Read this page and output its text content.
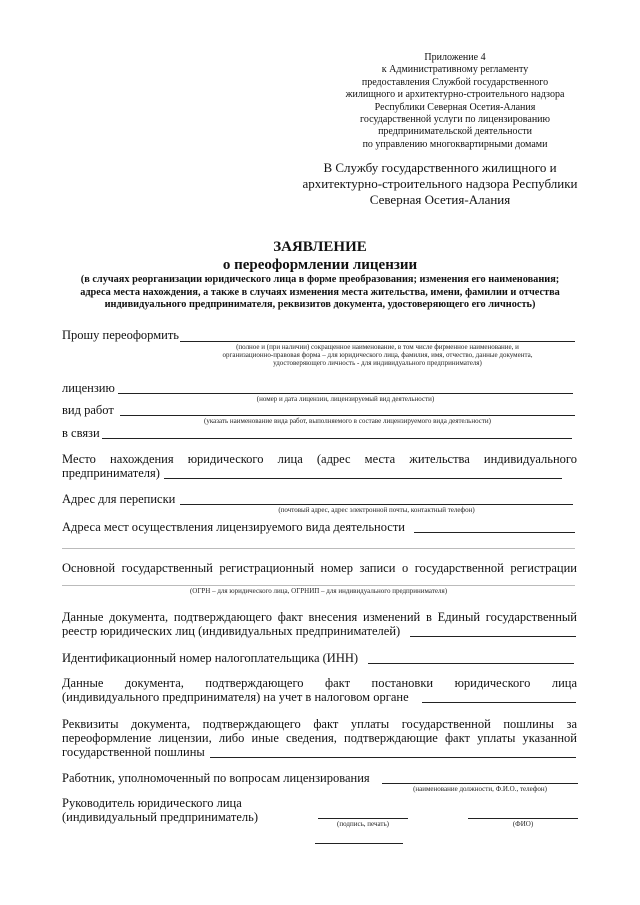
Приложение 4
к Административному регламенту
предоставления Службой государственного
жилищного и архитектурно-строительного надзора
Республики Северная Осетия-Алания
государственной услуги по лицензированию
предпринимательской деятельности
по управлению многоквартирными домами
В Службу государственного жилищного и
архитектурно-строительного надзора Республики
Северная Осетия-Алания
ЗАЯВЛЕНИЕ
о переоформлении лицензии
(в случаях реорганизации юридического лица в форме преобразования; изменения его наименования;
адреса места нахождения, а также в случаях изменения места жительства, имени, фамилии и отчества
индивидуального предпринимателя, реквизитов документа, удостоверяющего его личность)
Прошу переоформить
(полное и (при наличии) сокращенное наименование, в том числе фирменное наименование, и
организационно-правовая форма – для юридического лица, фамилия, имя, отчество, данные документа,
удостоверяющего личность - для индивидуального предпринимателя)
лицензию
(номер и дата лицензии, лицензируемый вид деятельности)
вид работ
(указать наименование вида работ, выполняемого в составе лицензируемого вида деятельности)
в связи
Место нахождения юридического лица (адрес места жительства индивидуального
предпринимателя)
Адрес для переписки
(почтовый адрес, адрес электронной почты, контактный телефон)
Адреса мест осуществления лицензируемого вида деятельности
Основной государственный регистрационный номер записи о государственной регистрации
(ОГРН – для юридического лица, ОГРНИП – для индивидуального предпринимателя)
Данные документа, подтверждающего факт внесения изменений в Единый государственный
реестр юридических лиц (индивидуальных предпринимателей)
Идентификационный номер налогоплательщика (ИНН)
Данные документа, подтверждающего факт постановки юридического лица
(индивидуального предпринимателя) на учет в налоговом органе
Реквизиты документа, подтверждающего факт уплаты государственной пошлины за
переоформление лицензии, либо иные сведения, подтверждающие факт уплаты указанной
государственной пошлины
Работник, уполномоченный по вопросам лицензирования
(наименование должности, Ф.И.О., телефон)
Руководитель юридического лица
(индивидуальный предприниматель)	(подпись, печать)	(ФИО)
